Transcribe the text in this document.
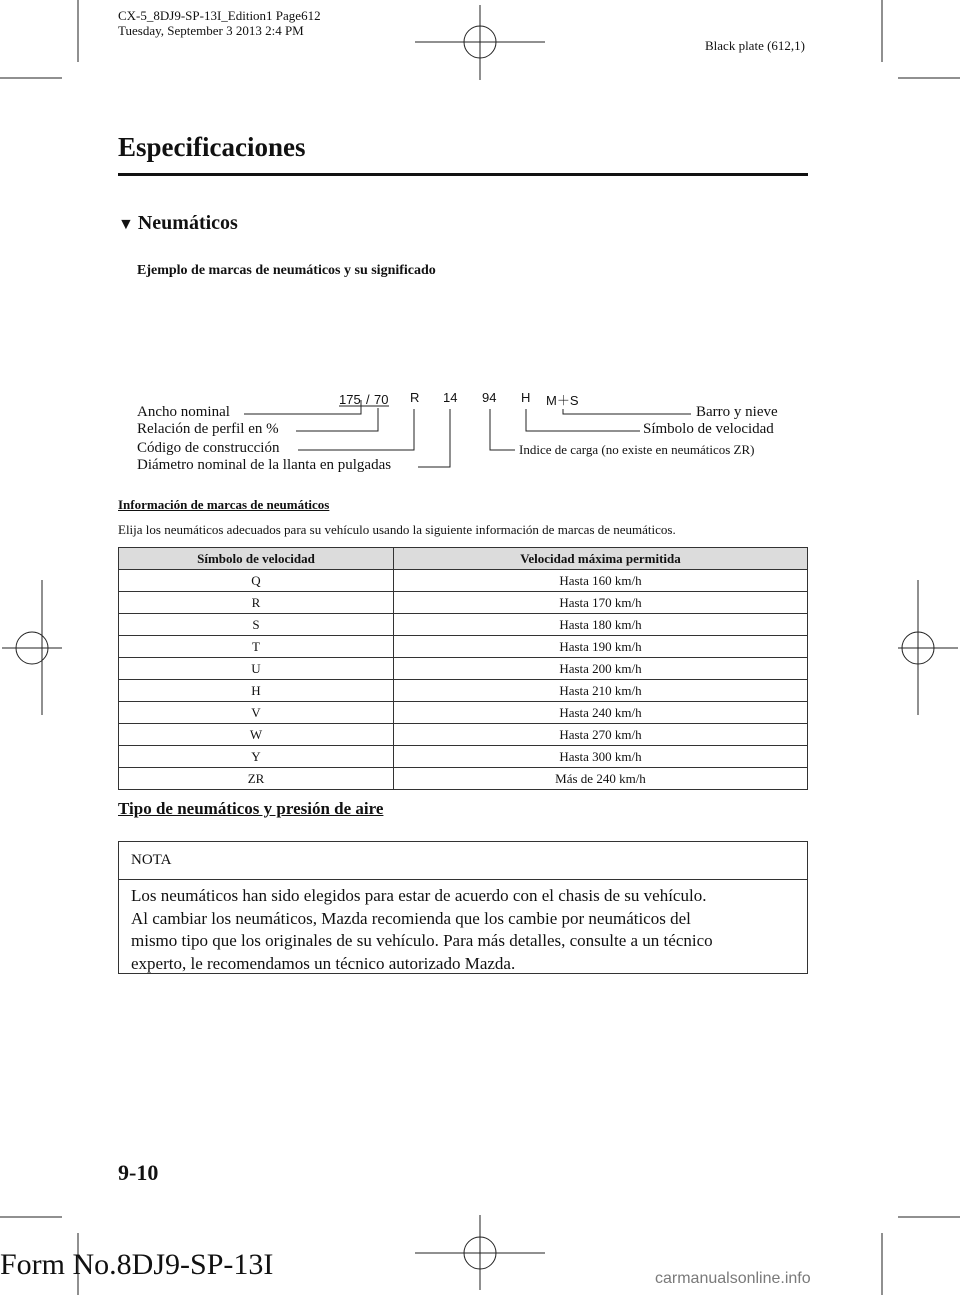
CX-5_8DJ9-SP-13I_Edition1 Page612
Tuesday, September 3 2013 2:4 PM
Black plate (612,1)
Especificaciones
▼ Neumáticos
Ejemplo de marcas de neumáticos y su significado
175 / 70 R 14 94 H M＋S
Ancho nominal
Relación de perfil en %
Código de construcción
Diámetro nominal de la llanta en pulgadas
Barro y nieve
Símbolo de velocidad
Indice de carga (no existe en neumáticos ZR)
Información de marcas de neumáticos
Elija los neumáticos adecuados para su vehículo usando la siguiente información de marcas de neumáticos.
Símbolo de velocidad	Velocidad máxima permitida
Q	Hasta 160 km/h
R	Hasta 170 km/h
S	Hasta 180 km/h
T	Hasta 190 km/h
U	Hasta 200 km/h
H	Hasta 210 km/h
V	Hasta 240 km/h
W	Hasta 270 km/h
Y	Hasta 300 km/h
ZR	Más de 240 km/h
Tipo de neumáticos y presión de aire
NOTA
Los neumáticos han sido elegidos para estar de acuerdo con el chasis de su vehículo.
Al cambiar los neumáticos, Mazda recomienda que los cambie por neumáticos del
mismo tipo que los originales de su vehículo. Para más detalles, consulte a un técnico
experto, le recomendamos un técnico autorizado Mazda.
9-10
Form No.8DJ9-SP-13I	carmanualsonline.info
